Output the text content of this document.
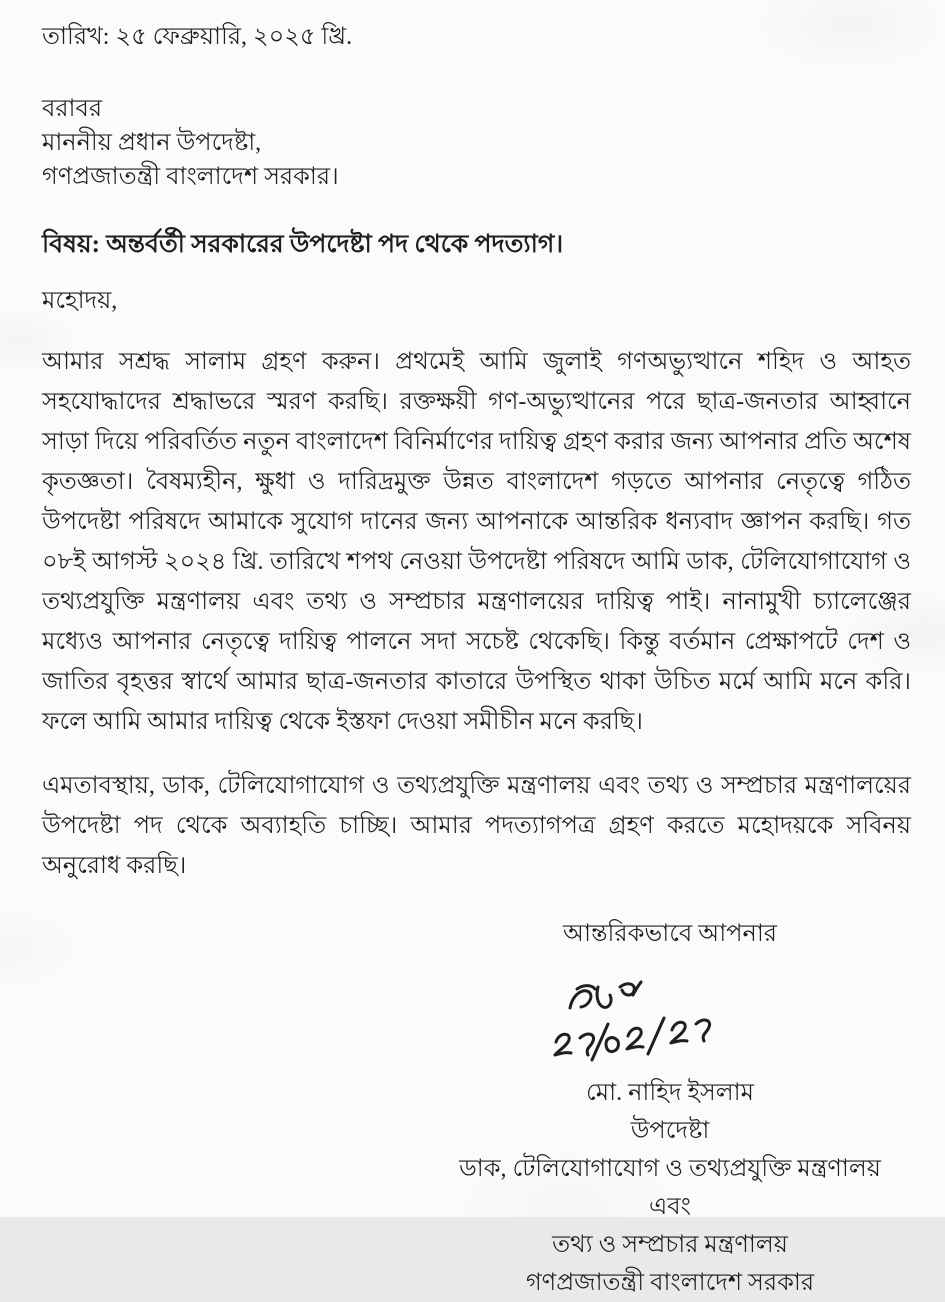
তারিখ: ২৫ ফেব্রুয়ারি, ২০২৫ খ্রি.
বরাবর
মাননীয় প্রধান উপদেষ্টা,
গণপ্রজাতন্ত্রী বাংলাদেশ সরকার।
বিষয়: অন্তর্বর্তী সরকারের উপদেষ্টা পদ থেকে পদত্যাগ।
মহোদয়,

আমার সশ্রদ্ধ সালাম গ্রহণ করুন। প্রথমেই আমি জুলাই গণঅভ্যুত্থানে শহিদ ও আহত সহযোদ্ধাদের শ্রদ্ধাভরে স্মরণ করছি। রক্তক্ষয়ী গণ-অভ্যুত্থানের পরে ছাত্র-জনতার আহ্বানে সাড়া দিয়ে পরিবর্তিত নতুন বাংলাদেশ বিনির্মাণের দায়িত্ব গ্রহণ করার জন্য আপনার প্রতি অশেষ কৃতজ্ঞতা। বৈষম্যহীন, ক্ষুধা ও দারিদ্রমুক্ত উন্নত বাংলাদেশ গড়তে আপনার নেতৃত্বে গঠিত উপদেষ্টা পরিষদে আমাকে সুযোগ দানের জন্য আপনাকে আন্তরিক ধন্যবাদ জ্ঞাপন করছি। গত ০৮ই আগস্ট ২০২৪ খ্রি. তারিখে শপথ নেওয়া উপদেষ্টা পরিষদে আমি ডাক, টেলিযোগাযোগ ও তথ্যপ্রযুক্তি মন্ত্রণালয় এবং তথ্য ও সম্প্রচার মন্ত্রণালয়ের দায়িত্ব পাই। নানামুখী চ্যালেঞ্জের মধ্যেও আপনার নেতৃত্বে দায়িত্ব পালনে সদা সচেষ্ট থেকেছি। কিন্তু বর্তমান প্রেক্ষাপটে দেশ ও জাতির বৃহত্তর স্বার্থে আমার ছাত্র-জনতার কাতারে উপস্থিত থাকা উচিত মর্মে আমি মনে করি। ফলে আমি আমার দায়িত্ব থেকে ইস্তফা দেওয়া সমীচীন মনে করছি।

এমতাবস্থায়, ডাক, টেলিযোগাযোগ ও তথ্যপ্রযুক্তি মন্ত্রণালয় এবং তথ্য ও সম্প্রচার মন্ত্রণালয়ের উপদেষ্টা পদ থেকে অব্যাহতি চাচ্ছি। আমার পদত্যাগপত্র গ্রহণ করতে মহোদয়কে সবিনয় অনুরোধ করছি।

আন্তরিকভাবে আপনার
মো. নাহিদ ইসলাম
উপদেষ্টা
ডাক, টেলিযোগাযোগ ও তথ্যপ্রযুক্তি মন্ত্রণালয়
এবং
তথ্য ও সম্প্রচার মন্ত্রণালয়
গণপ্রজাতন্ত্রী বাংলাদেশ সরকার
